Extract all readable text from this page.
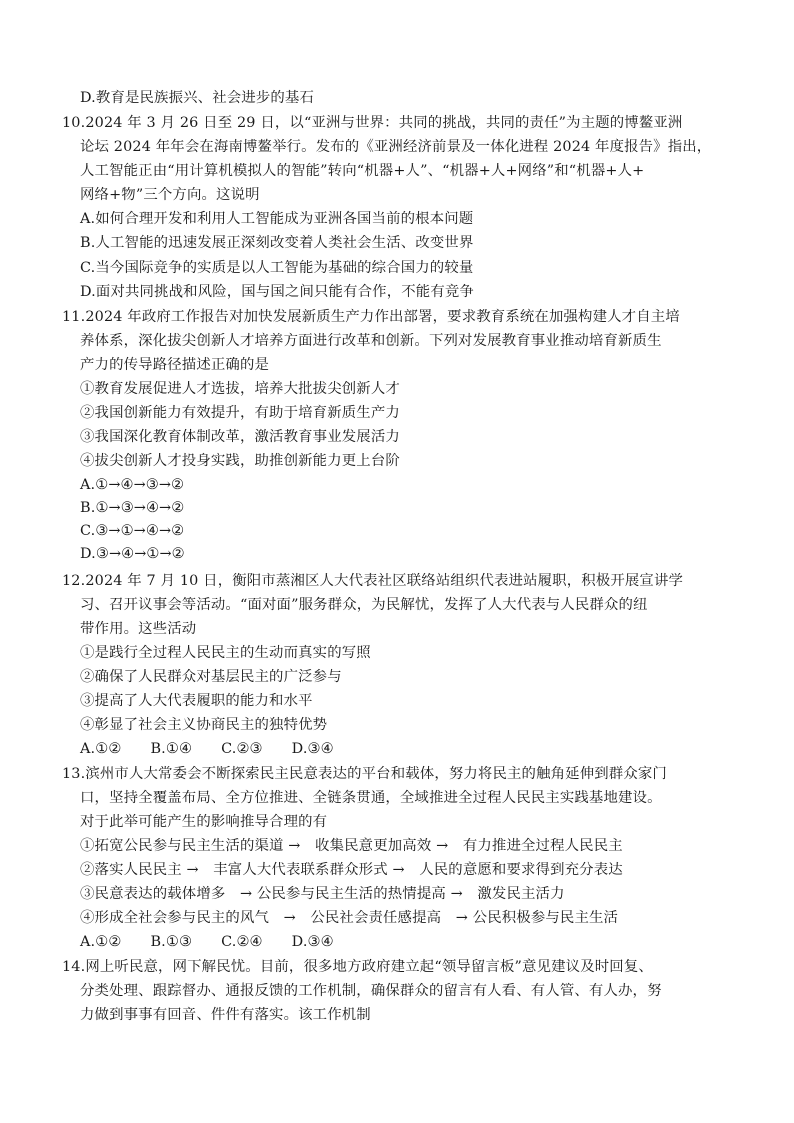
D.教育是民族振兴、社会进步的基石
10.2024 年 3 月 26 日至 29 日，以“亚洲与世界：共同的挑战，共同的责任”为主题的博鳌亚洲
论坛 2024 年年会在海南博鳌举行。发布的《亚洲经济前景及一体化进程 2024 年度报告》指出，
人工智能正由“用计算机模拟人的智能”转向“机器+人”、“机器+人+网络”和“机器+人+
网络+物”三个方向。这说明
A.如何合理开发和利用人工智能成为亚洲各国当前的根本问题
B.人工智能的迅速发展正深刻改变着人类社会生活、改变世界
C.当今国际竞争的实质是以人工智能为基础的综合国力的较量
D.面对共同挑战和风险，国与国之间只能有合作，不能有竞争
11.2024 年政府工作报告对加快发展新质生产力作出部署，要求教育系统在加强构建人才自主培
养体系，深化拔尖创新人才培养方面进行改革和创新。下列对发展教育事业推动培育新质生
产力的传导路径描述正确的是
①教育发展促进人才选拔，培养大批拔尖创新人才
②我国创新能力有效提升，有助于培育新质生产力
③我国深化教育体制改革，激活教育事业发展活力
④拔尖创新人才投身实践，助推创新能力更上台阶
A.①→④→③→②
B.①→③→④→②
C.③→①→④→②
D.③→④→①→②
12.2024 年 7 月 10 日，衡阳市蒸湘区人大代表社区联络站组织代表进站履职，积极开展宣讲学
习、召开议事会等活动。“面对面”服务群众，为民解忧，发挥了人大代表与人民群众的纽
带作用。这些活动
①是践行全过程人民民主的生动而真实的写照
②确保了人民群众对基层民主的广泛参与
③提高了人大代表履职的能力和水平
④彰显了社会主义协商民主的独特优势
A.①②　　B.①④　　C.②③　　D.③④
13.滨州市人大常委会不断探索民主民意表达的平台和载体，努力将民主的触角延伸到群众家门
口，坚持全覆盖布局、全方位推进、全链条贯通，全域推进全过程人民民主实践基地建设。
对于此举可能产生的影响推导合理的有
①拓宽公民参与民主生活的渠道 →　收集民意更加高效 →　有力推进全过程人民民主
②落实人民民主 →　丰富人大代表联系群众形式 →　人民的意愿和要求得到充分表达
③民意表达的载体增多　→ 公民参与民主生活的热情提高 →　激发民主活力
④形成全社会参与民主的风气　→　公民社会责任感提高　→ 公民积极参与民主生活
A.①②　　B.①③　　C.②④　　D.③④
14.网上听民意，网下解民忧。目前，很多地方政府建立起“领导留言板”意见建议及时回复、
分类处理、跟踪督办、通报反馈的工作机制，确保群众的留言有人看、有人管、有人办，努
力做到事事有回音、件件有落实。该工作机制
